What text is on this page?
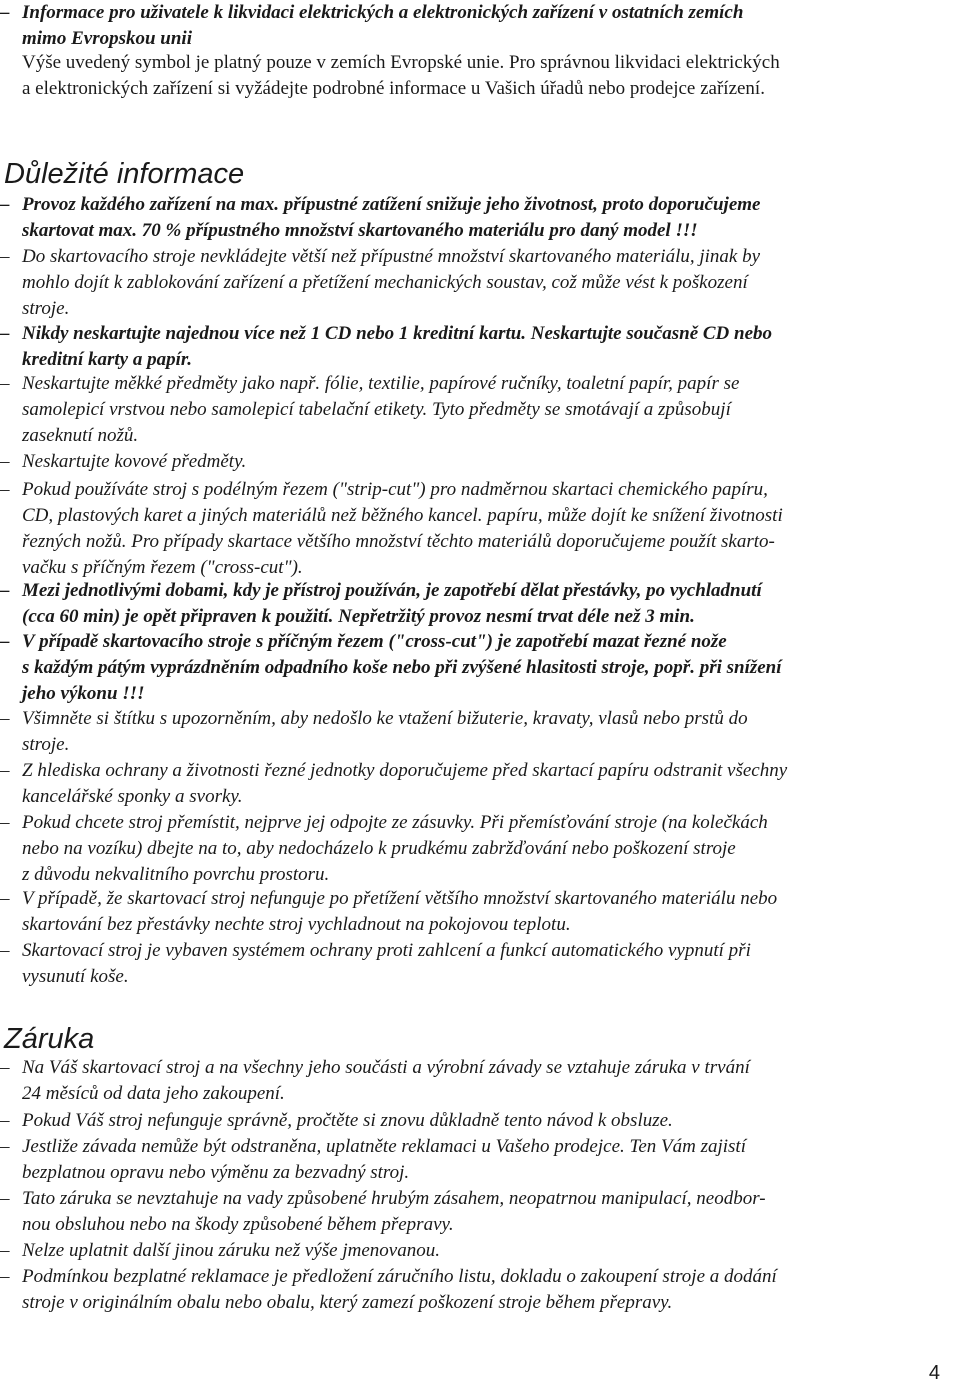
– Informace pro uživatele k likvidaci elektrických a elektronických zařízení v ostatních zemích
mimo Evropskou unii
Výše uvedený symbol je platný pouze v zemích Evropské unie. Pro správnou likvidaci elektrických
a elektronických zařízení si vyžádejte podrobné informace u Vašich úřadů nebo prodejce zařízení.
Důležité informace
– Provoz každého zařízení na max. přípustné zatížení snižuje jeho životnost, proto doporučujeme
skartovat max. 70 % přípustného množství skartovaného materiálu pro daný model !!!
– Do skartovacího stroje nevkládejte větší než přípustné množství skartovaného materiálu, jinak by
mohlo dojít k zablokování zařízení a přetížení mechanických soustav, což může vést k poškození
stroje.
– Nikdy neskartujte najednou více než 1 CD nebo 1 kreditní kartu. Neskartujte současně CD nebo
kreditní karty a papír.
– Neskartujte měkké předměty jako např. fólie, textilie, papírové ručníky, toaletní papír, papír se
samolepicí vrstvou nebo samolepicí tabelační etikety. Tyto předměty se smotávají a způsobují
zaseknutí nožů.
– Neskartujte kovové předměty.
– Pokud používáte stroj s podélným řezem ("strip-cut") pro nadměrnou skartaci chemického papíru,
CD, plastových karet a jiných materiálů než běžného kancel. papíru, může dojít ke snížení životnosti
řezných nožů. Pro případy skartace většího množství těchto materiálů doporučujeme použít skarto-
vačku s příčným řezem ("cross-cut").
– Mezi jednotlivými dobami, kdy je přístroj používán, je zapotřebí dělat přestávky, po vychladnutí
(cca 60 min) je opět připraven k použití. Nepřetržitý provoz nesmí trvat déle než 3 min.
– V případě skartovacího stroje s příčným řezem ("cross-cut") je zapotřebí mazat řezné nože
s každým pátým vyprázdněním odpadního koše nebo při zvýšené hlasitosti stroje, popř. při snížení
jeho výkonu !!!
– Všimněte si štítku s upozorněním, aby nedošlo ke vtažení bižuterie, kravaty, vlasů nebo prstů do
stroje.
– Z hlediska ochrany a životnosti řezné jednotky doporučujeme před skartací papíru odstranit všechny
kancelářské sponky a svorky.
– Pokud chcete stroj přemístit, nejprve jej odpojte ze zásuvky. Při přemísťování stroje (na kolečkách
nebo na vozíku) dbejte na to, aby nedocházelo k prudkému zabržďování nebo poškození stroje
z důvodu nekvalitního povrchu prostoru.
– V případě, že skartovací stroj nefunguje po přetížení většího množství skartovaného materiálu nebo
skartování bez přestávky nechte stroj vychladnout na pokojovou teplotu.
– Skartovací stroj je vybaven systémem ochrany proti zahlcení a funkcí automatického vypnutí při
vysunutí koše.
Záruka
– Na Váš skartovací stroj a na všechny jeho součásti a výrobní závady se vztahuje záruka v trvání
24 měsíců od data jeho zakoupení.
– Pokud Váš stroj nefunguje správně, pročtěte si znovu důkladně tento návod k obsluze.
– Jestliže závada nemůže být odstraněna, uplatněte reklamaci u Vašeho prodejce. Ten Vám zajistí
bezplatnou opravu nebo výměnu za bezvadný stroj.
– Tato záruka se nevztahuje na vady způsobené hrubým zásahem, neopatrnou manipulací, neodbor-
nou obsluhou nebo na škody způsobené během přepravy.
– Nelze uplatnit další jinou záruku než výše jmenovanou.
– Podmínkou bezplatné reklamace je předložení záručního listu, dokladu o zakoupení stroje a dodání
stroje v originálním obalu nebo obalu, který zamezí poškození stroje během přepravy.
4
